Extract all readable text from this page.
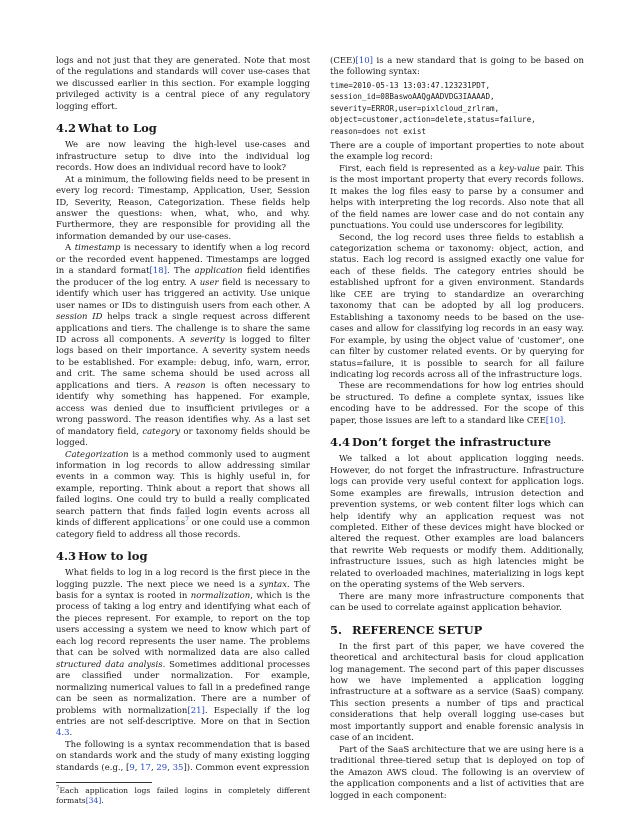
logs and not just that they are generated. Note that most of the regulations and standards will cover use-cases that we discussed earlier in this section. For example logging privileged activity is a central piece of any regulatory logging effort.

4.2 What to Log

We are now leaving the high-level use-cases and infrastructure setup to dive into the individual log records. How does an individual record have to look?

At a minimum, the following fields need to be present in every log record: Timestamp, Application, User, Session ID, Severity, Reason, Categorization. These fields help answer the questions: when, what, who, and why. Furthermore, they are responsible for providing all the information demanded by our use-cases.

A timestamp is necessary to identify when a log record or the recorded event happened. Timestamps are logged in a standard format[18]. The application field identifies the producer of the log entry. A user field is necessary to identify which user has triggered an activity. Use unique user names or IDs to distinguish users from each other. A session ID helps track a single request across different applications and tiers. The challenge is to share the same ID across all components. A severity is logged to filter logs based on their importance. A severity system needs to be established. For example: debug, info, warn, error, and crit. The same schema should be used across all applications and tiers. A reason is often necessary to identify why something has happened. For example, access was denied due to insufficient privileges or a wrong password. The reason identifies why. As a last set of mandatory field, category or taxonomy fields should be logged.

Categorization is a method commonly used to augment information in log records to allow addressing similar events in a common way. This is highly useful in, for example, reporting. Think about a report that shows all failed logins. One could try to build a really complicated search pattern that finds failed login events across all kinds of different applications$^7$ or one could use a common category field to address all those records.

4.3 How to log

What fields to log in a log record is the first piece in the logging puzzle. The next piece we need is a syntax. The basis for a syntax is rooted in normalization, which is the process of taking a log entry and identifying what each of the pieces represent. For example, to report on the top users accessing a system we need to know which part of each log record represents the user name. The problems that can be solved with normalized data are also called structured data analysis. Sometimes additional processes are classified under normalization. For example, normalizing numerical values to fall in a predefined range can be seen as normalization. There are a number of problems with normalization[21]. Especially if the log entries are not self-descriptive. More on that in Section 4.3.

The following is a syntax recommendation that is based on standards work and the study of many existing logging standards (e.g., [9, 17, 29, 35]). Common event expression

$^7$Each application logs failed logins in completely different formats[34].

(CEE)[10] is a new standard that is going to be based on the following syntax:

time=2010-05-13 13:03:47.123231PDT,
session_id=08BaswoAAQgAADVDG3IAAAAD,
severity=ERROR,user=pixlcloud_zrlram,
object=customer,action=delete,status=failure,
reason=does not exist

There are a couple of important properties to note about the example log record:

First, each field is represented as a key-value pair. This is the most important property that every records follows. It makes the log files easy to parse by a consumer and helps with interpreting the log records. Also note that all of the field names are lower case and do not contain any punctuations. You could use underscores for legibility.

Second, the log record uses three fields to establish a categorization schema or taxonomy: object, action, and status. Each log record is assigned exactly one value for each of these fields. The category entries should be established upfront for a given environment. Standards like CEE are trying to standardize an overarching taxonomy that can be adopted by all log producers. Establishing a taxonomy needs to be based on the use-cases and allow for classifying log records in an easy way. For example, by using the object value of 'customer', one can filter by customer related events. Or by querying for status=failure, it is possible to search for all failure indicating log records across all of the infrastructure logs.

These are recommendations for how log entries should be structured. To define a complete syntax, issues like encoding have to be addressed. For the scope of this paper, those issues are left to a standard like CEE[10].

4.4 Don’t forget the infrastructure

We talked a lot about application logging needs. However, do not forget the infrastructure. Infrastructure logs can provide very useful context for application logs. Some examples are firewalls, intrusion detection and prevention systems, or web content filter logs which can help identify why an application request was not completed. Either of these devices might have blocked or altered the request. Other examples are load balancers that rewrite Web requests or modify them. Additionally, infrastructure issues, such as high latencies might be related to overloaded machines, materializing in logs kept on the operating systems of the Web servers.

There are many more infrastructure components that can be used to correlate against application behavior.

5. REFERENCE SETUP

In the first part of this paper, we have covered the theoretical and architectural basis for cloud application log management. The second part of this paper discusses how we have implemented a application logging infrastructure at a software as a service (SaaS) company. This section presents a number of tips and practical considerations that help overall logging use-cases but most importantly support and enable forensic analysis in case of an incident.

Part of the SaaS architecture that we are using here is a traditional three-tiered setup that is deployed on top of the Amazon AWS cloud. The following is an overview of the application components and a list of activities that are logged in each component:
